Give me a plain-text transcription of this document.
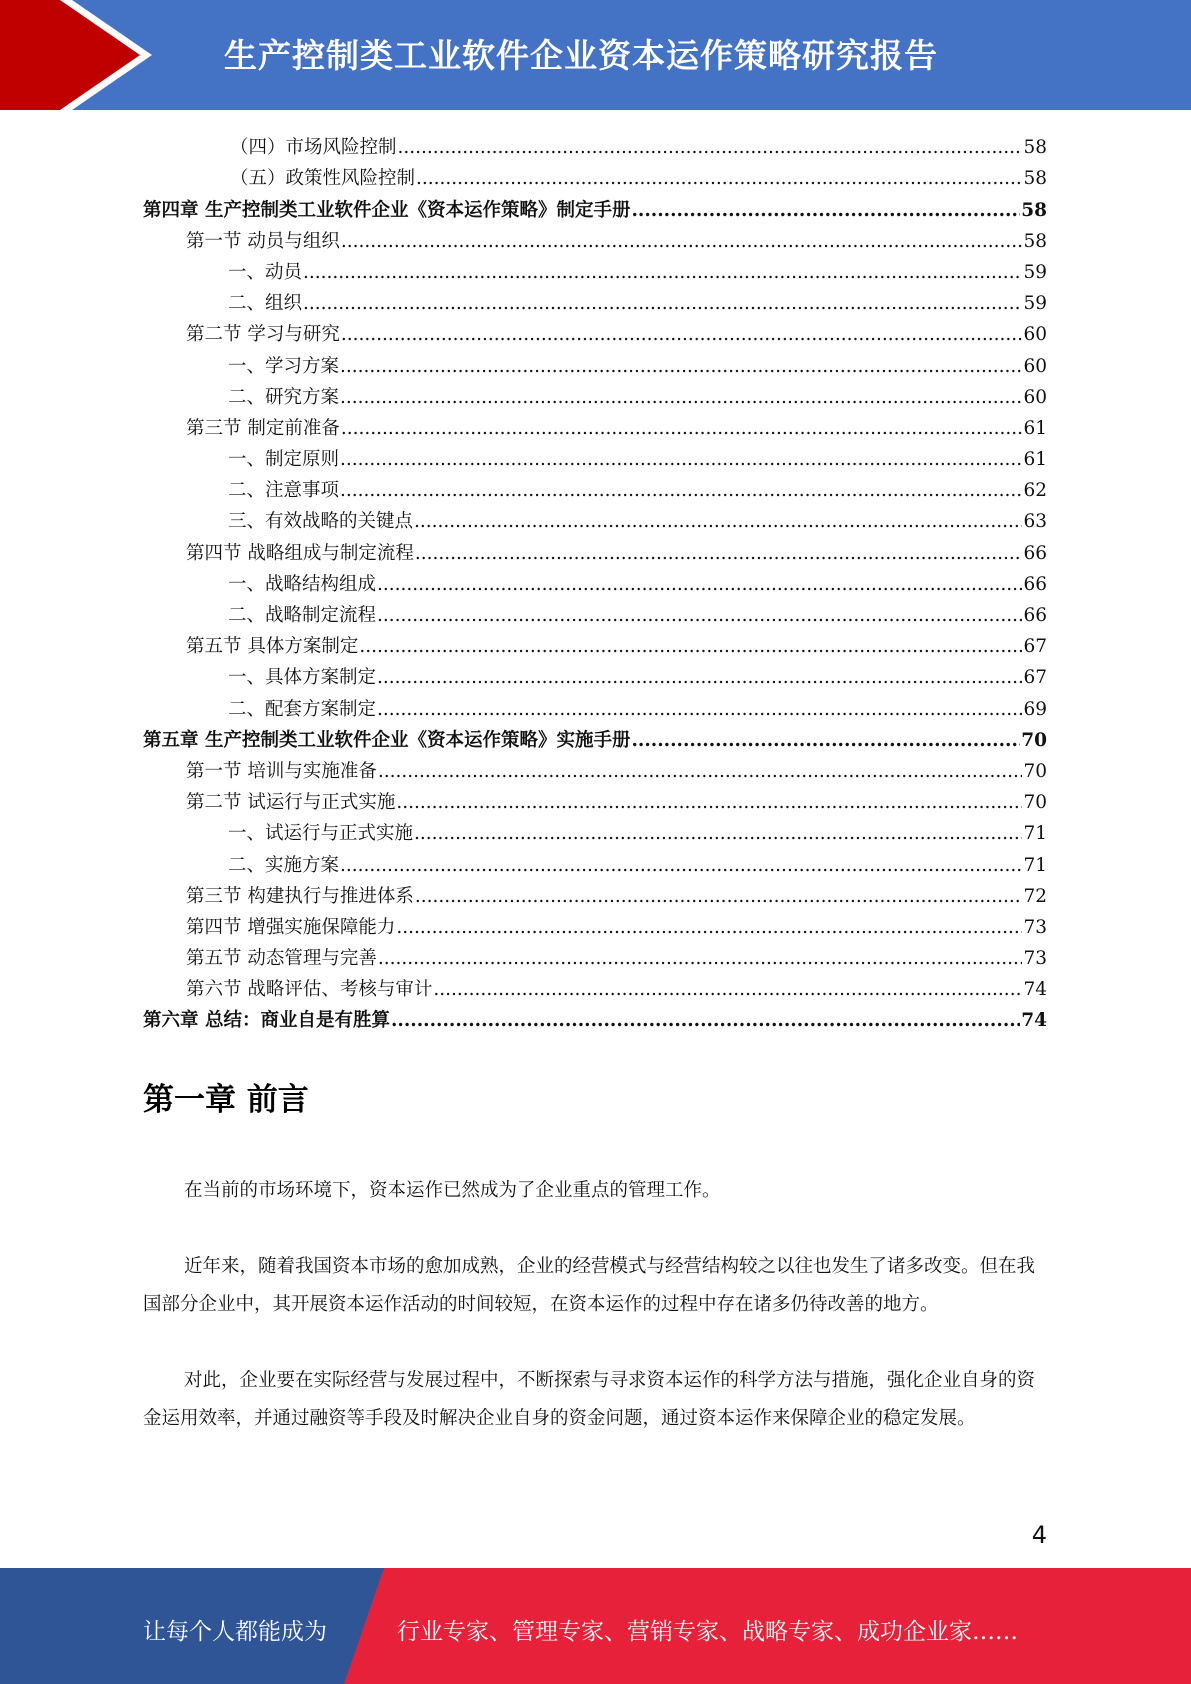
生产控制类工业软件企业资本运作策略研究报告
（四）市场风险控制 .....	58
（五）政策性风险控制 .....	58
第四章 生产控制类工业软件企业《资本运作策略》制定手册 .....	58
第一节 动员与组织 .....	58
一、动员 .....	59
二、组织 .....	59
第二节 学习与研究 .....	60
一、学习方案 .....	60
二、研究方案 .....	60
第三节 制定前准备 .....	61
一、制定原则 .....	61
二、注意事项 .....	62
三、有效战略的关键点 .....	63
第四节 战略组成与制定流程 .....	66
一、战略结构组成 .....	66
二、战略制定流程 .....	66
第五节 具体方案制定 .....	67
一、具体方案制定 .....	67
二、配套方案制定 .....	69
第五章 生产控制类工业软件企业《资本运作策略》实施手册 .....	70
第一节 培训与实施准备 .....	70
第二节 试运行与正式实施 .....	70
一、试运行与正式实施 .....	71
二、实施方案 .....	71
第三节 构建执行与推进体系 .....	72
第四节 增强实施保障能力 .....	73
第五节 动态管理与完善 .....	73
第六节 战略评估、考核与审计 .....	74
第六章 总结：商业自是有胜算 .....	74
第一章 前言

在当前的市场环境下，资本运作已然成为了企业重点的管理工作。

近年来，随着我国资本市场的愈加成熟，企业的经营模式与经营结构较之以往也发生了诸多改变。但在我国部分企业中，其开展资本运作活动的时间较短，在资本运作的过程中存在诸多仍待改善的地方。

对此，企业要在实际经营与发展过程中，不断探索与寻求资本运作的科学方法与措施，强化企业自身的资金运用效率，并通过融资等手段及时解决企业自身的资金问题，通过资本运作来保障企业的稳定发展。

4
让每个人都能成为	行业专家、管理专家、营销专家、战略专家、成功企业家……
